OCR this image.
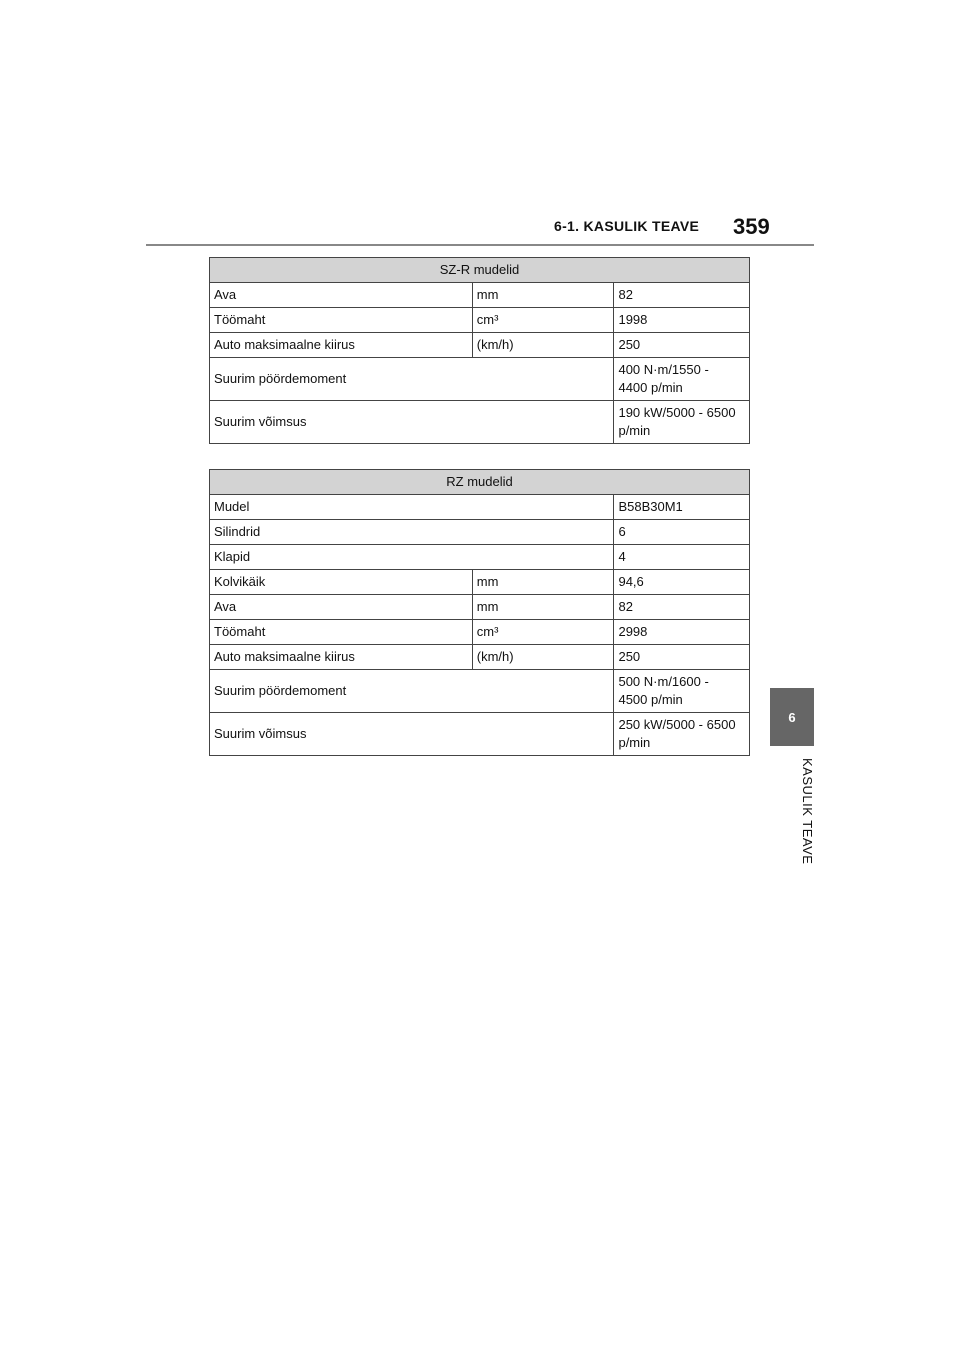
6-1. KASULIK TEAVE 359
6
KASULIK TEAVE
SZ-R mudelid		
Ava	mm	82
Töömaht	cm³	1998
Auto maksimaalne kiirus	(km/h)	250
Suurim pöördemoment		400 N·m/1550 -
4400 p/min
Suurim võimsus		190 kW/5000 - 6500
p/min
RZ mudelid		
Mudel		B58B30M1
Silindrid		6
Klapid		4
Kolvikäik	mm	94,6
Ava	mm	82
Töömaht	cm³	2998
Auto maksimaalne kiirus	(km/h)	250
Suurim pöördemoment		500 N·m/1600 -
4500 p/min
Suurim võimsus		250 kW/5000 - 6500
p/min
